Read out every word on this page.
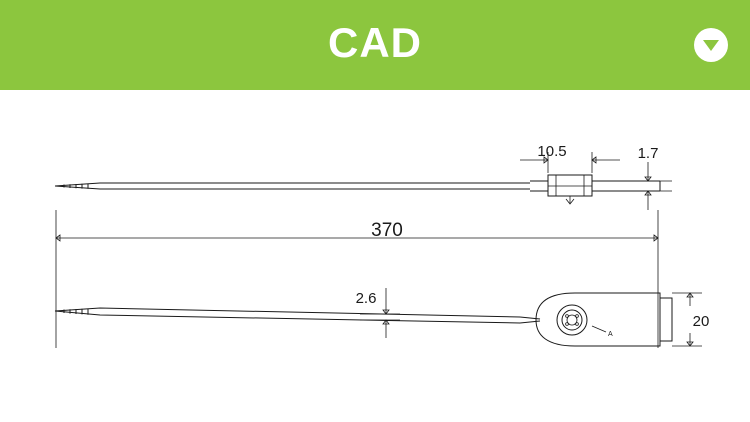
CAD
10.5	1.7
370
A
2.6
20
